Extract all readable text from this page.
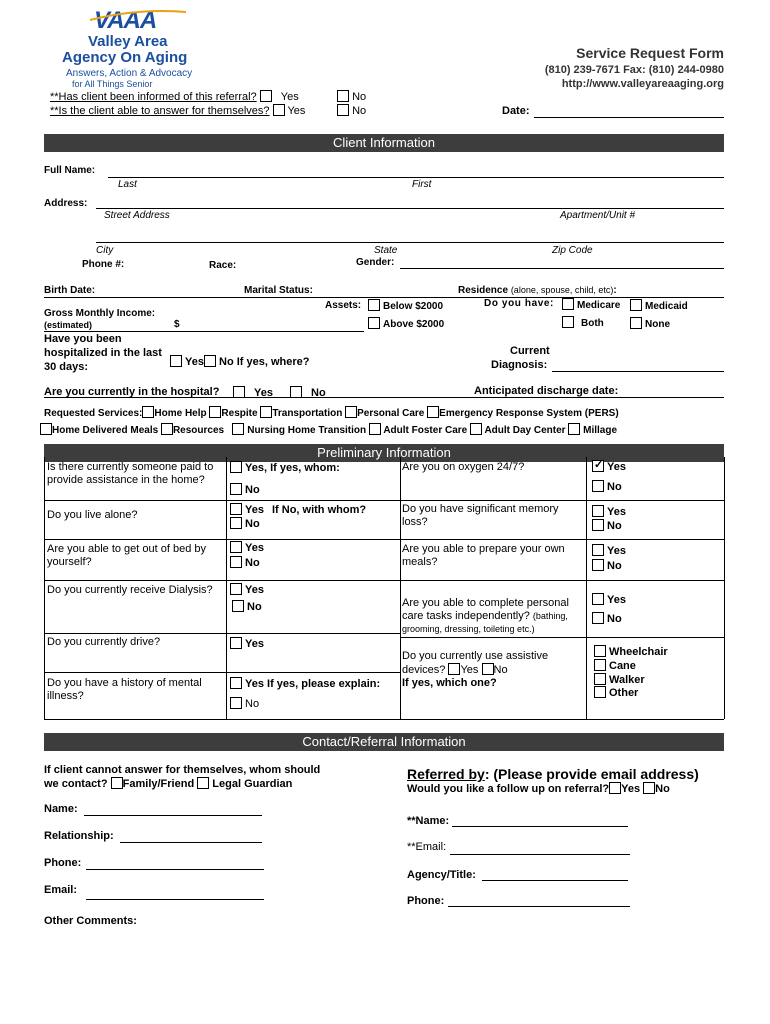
VAAA
Valley Area
Agency On Aging
Answers, Action & Advocacy
for All Things Senior
Service Request Form
(810) 239-7671 Fax: (810) 244-0980
http://www.valleyareaaging.org
**Has client been informed of this referral? Yes	No
**Is the client able to answer for themselves? Yes	No	Date:
Client Information
Full Name:
Last	First
Address:
Street Address	Apartment/Unit #
City	State	Zip Code
Phone #:	Race:	Gender:
Birth Date:	Marital Status:	Residence (alone, spouse, child, etc):
Assets:	Below $2000
Above $2000
Do you have:	Medicare	Medicaid
Both	None
Gross Monthly Income:
(estimated)	$
Have you been
hospitalized in the last
30 days:	Yes	No If yes, where?
Current
Diagnosis:
Are you currently in the hospital?	Yes	No	Anticipated discharge date:
Requested Services: Home Help Respite Transportation Personal Care Emergency Response System (PERS)
Home Delivered Meals Resources Nursing Home Transition Adult Foster Care Adult Day Center Millage
Preliminary Information
Is there currently someone paid to provide assistance in the home?
Yes, If yes, whom:
No
Do you live alone?	Yes If No, with whom?
No
Are you able to get out of bed by yourself?
Yes
No
Do you currently receive Dialysis?	Yes
No
Do you currently drive?	Yes
Do you have a history of mental illness?
Yes If yes, please explain:
No
Are you on oxygen 24/7?
✓	Yes
No
Do you have significant memory loss?
Yes
No
Are you able to prepare your own meals?
Yes
No
Are you able to complete personal care tasks independently? (bathing, grooming, dressing, toileting etc.)
Yes
No
Do you currently use assistive devices? Yes No
If yes, which one?
Wheelchair
Cane
Walker
Other
Contact/Referral Information
If client cannot answer for themselves, whom should
we contact? Family/Friend Legal Guardian
Name:
Relationship:
Phone:
Email:
Other Comments:
Referred by: (Please provide email address)
Would you like a follow up on referral? Yes No
**Name:
**Email:
Agency/Title:
Phone:
